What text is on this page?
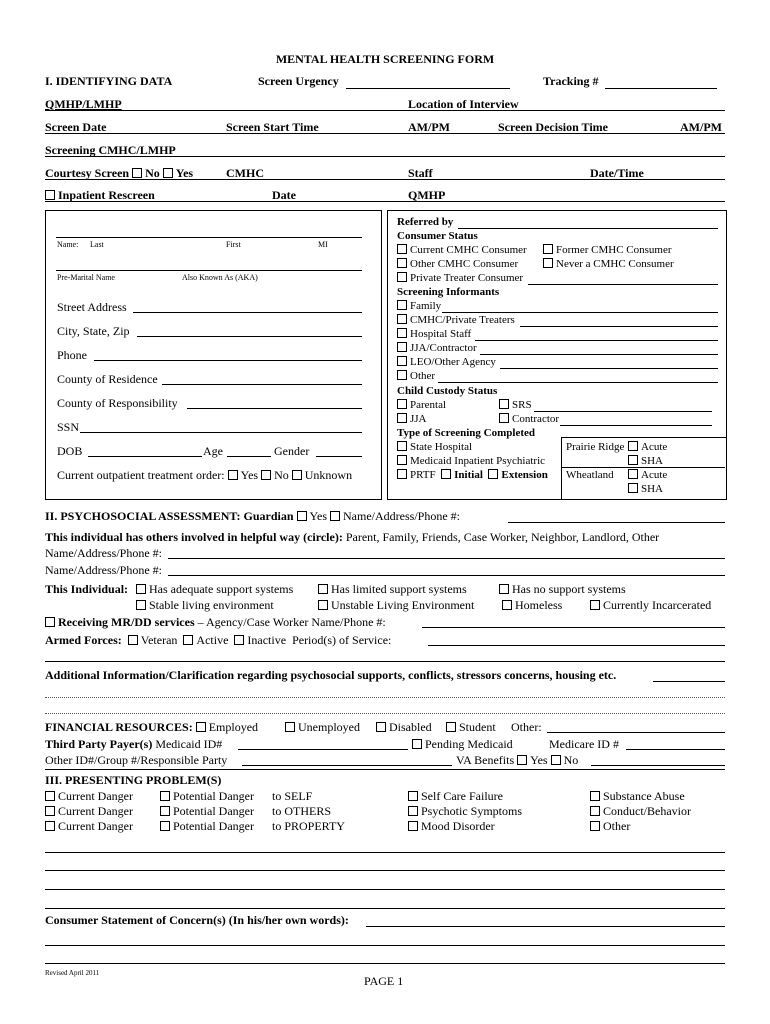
MENTAL HEALTH SCREENING FORM
I. IDENTIFYING DATA	Screen Urgency	Tracking #
QMHP/LMHP	Location of Interview
Screen Date	Screen Start Time	AM/PM	Screen Decision Time	AM/PM
Screening CMHC/LMHP
Courtesy Screen No Yes	CMHC	Staff	Date/Time
Inpatient Rescreen	Date	QMHP
Name: Last	First	MI
Pre-Marital Name	Also Known As (AKA)
Street Address
City, State, Zip
Phone
County of Residence
County of Responsibility
SSN
DOB	Age	Gender
Current outpatient treatment order: Yes No Unknown
Referred by
Consumer Status
Current CMHC Consumer	Former CMHC Consumer
Other CMHC Consumer	Never a CMHC Consumer
Private Treater Consumer
Screening Informants
Family
CMHC/Private Treaters
Hospital Staff
JJA/Contractor
LEO/Other Agency
Other
Child Custody Status
Parental	SRS
JJA	Contractor
Type of Screening Completed
State Hospital
Medicaid Inpatient Psychiatric
PRTF Initial Extension
Prairie Ridge	Acute
SHA
Wheatland	Acute
SHA
II. PSYCHOSOCIAL ASSESSMENT: Guardian Yes Name/Address/Phone #:
This individual has others involved in helpful way (circle): Parent, Family, Friends, Case Worker, Neighbor, Landlord, Other
Name/Address/Phone #:
Name/Address/Phone #:
This Individual:	Has adequate support systems	Has limited support systems	Has no support systems
Stable living environment	Unstable Living Environment	Homeless	Currently Incarcerated
Receiving MR/DD services – Agency/Case Worker Name/Phone #:
Armed Forces: Veteran Active Inactive Period(s) of Service:
Additional Information/Clarification regarding psychosocial supports, conflicts, stressors concerns, housing etc.
FINANCIAL RESOURCES: Employed	Unemployed	Disabled	Student Other:
Third Party Payer(s) Medicaid ID#	Pending Medicaid	Medicare ID #
Other ID#/Group #/Responsible Party	VA Benefits Yes No
III. PRESENTING PROBLEM(S)
Current Danger	Potential Danger to SELF	Self Care Failure	Substance Abuse
Current Danger	Potential Danger to OTHERS	Psychotic Symptoms	Conduct/Behavior
Current Danger	Potential Danger to PROPERTY	Mood Disorder	Other
Consumer Statement of Concern(s) (In his/her own words):
Revised April 2011
PAGE 1
